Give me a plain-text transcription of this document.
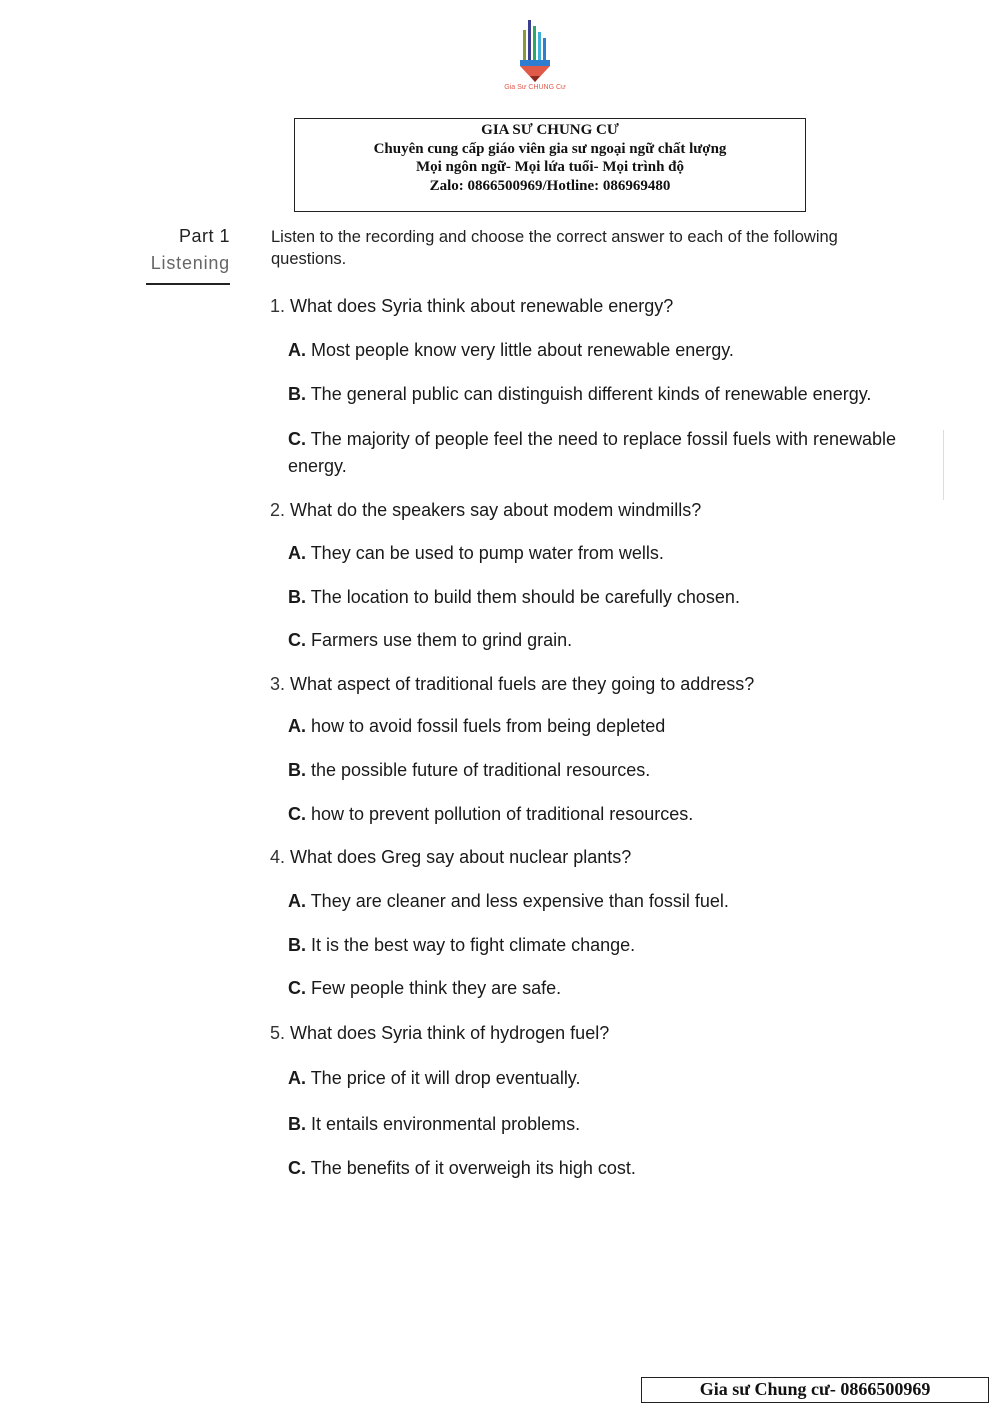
Gia Sư CHUNG Cư
GIA SƯ CHUNG CƯ
Chuyên cung cấp giáo viên gia sư ngoại ngữ chất lượng
Mọi ngôn ngữ- Mọi lứa tuổi- Mọi trình độ
Zalo: 0866500969/Hotline: 086969480
Part 1
Listening
Listen to the recording and choose the correct answer to each of the following questions.
1. What does Syria think about renewable energy?
A. Most people know very little about renewable energy.
B. The general public can distinguish different kinds of renewable energy.
C. The majority of people feel the need to replace fossil fuels with renewable energy.
2. What do the speakers say about modem windmills?
A. They can be used to pump water from wells.
B. The location to build them should be carefully chosen.
C. Farmers use them to grind grain.
3. What aspect of traditional fuels are they going to address?
A. how to avoid fossil fuels from being depleted
B. the possible future of traditional resources.
C. how to prevent pollution of traditional resources.
4. What does Greg say about nuclear plants?
A. They are cleaner and less expensive than fossil fuel.
B. It is the best way to fight climate change.
C. Few people think they are safe.
5. What does Syria think of hydrogen fuel?
A. The price of it will drop eventually.
B. It entails environmental problems.
C. The benefits of it overweigh its high cost.
Gia sư Chung cư- 0866500969
